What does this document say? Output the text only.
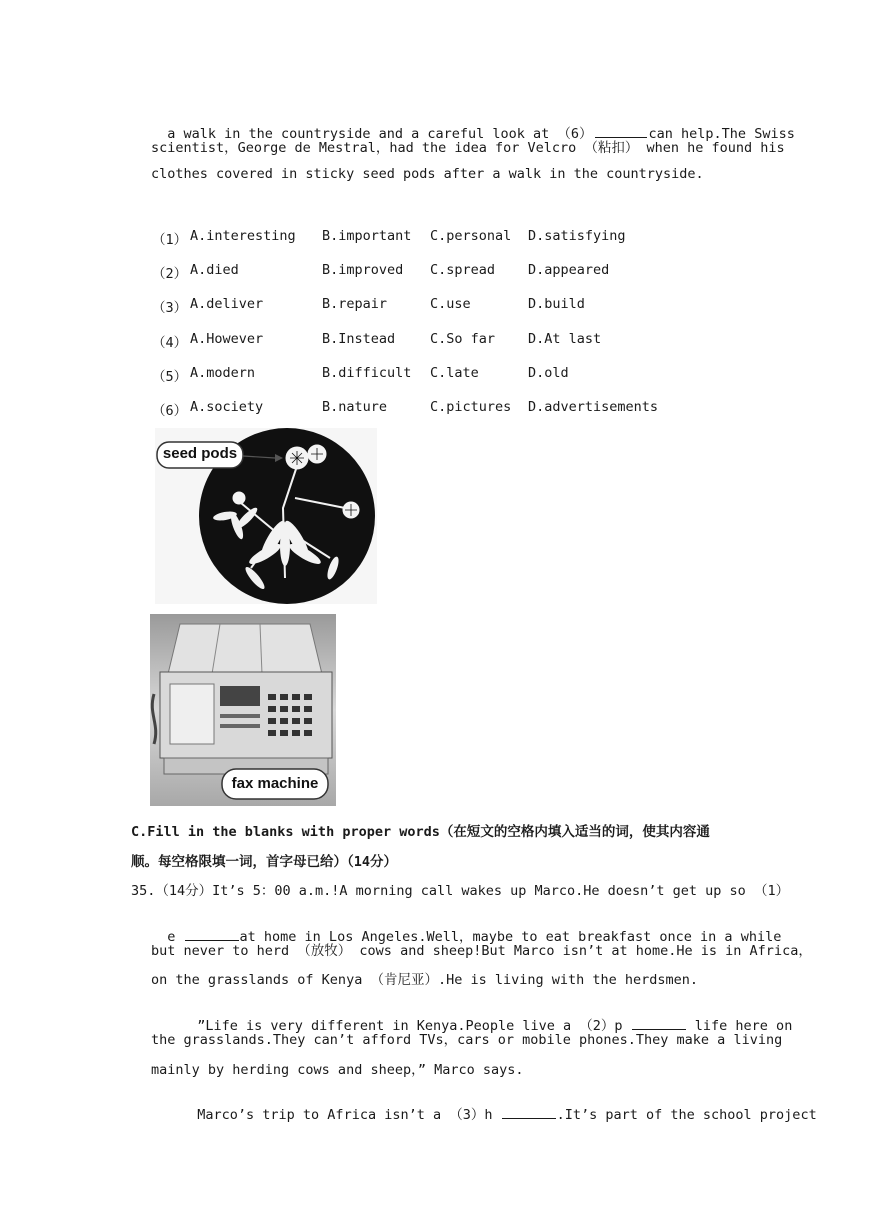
a walk in the countryside and a careful look at （6）	can help.The Swiss

scientist，George de Mestral，had the idea for Velcro （粘扣） when he found his
clothes covered in sticky seed pods after a walk in the countryside.
（1） A.interesting B.important C.personal D.satisfying
（2） A.died	B.improved C.spread D.appeared
（3） A.deliver	B.repair	C.use	D.build
（4） A.However	B.Instead	C.So far D.At last
（5） A.modern	B.difficult C.late	D.old
（6） A.society	B.nature	C.pictures D.advertisements
seed pods
fax machine
C.Fill in the blanks with proper words（在短文的空格内填入适当的词，使其内容通
顺。每空格限填一词，首字母已给）（14分）
35.（14分）It’s 5：00 a.m.!A morning call wakes up Marco.He doesn’t get up so （1）

e	at home in Los Angeles.Well，maybe to eat breakfast once in a while

but never to herd （放牧） cows and sheep!But Marco isn’t at home.He is in Africa，
on the grasslands of Kenya （肯尼亚）.He is living with the herdsmen.

”Life is very different in Kenya.People live a （2）p	life here on

the grasslands.They can’t afford TVs，cars or mobile phones.They make a living
mainly by herding cows and sheep，” Marco says.

Marco’s trip to Africa isn’t a （3）h	.It’s part of the school project
